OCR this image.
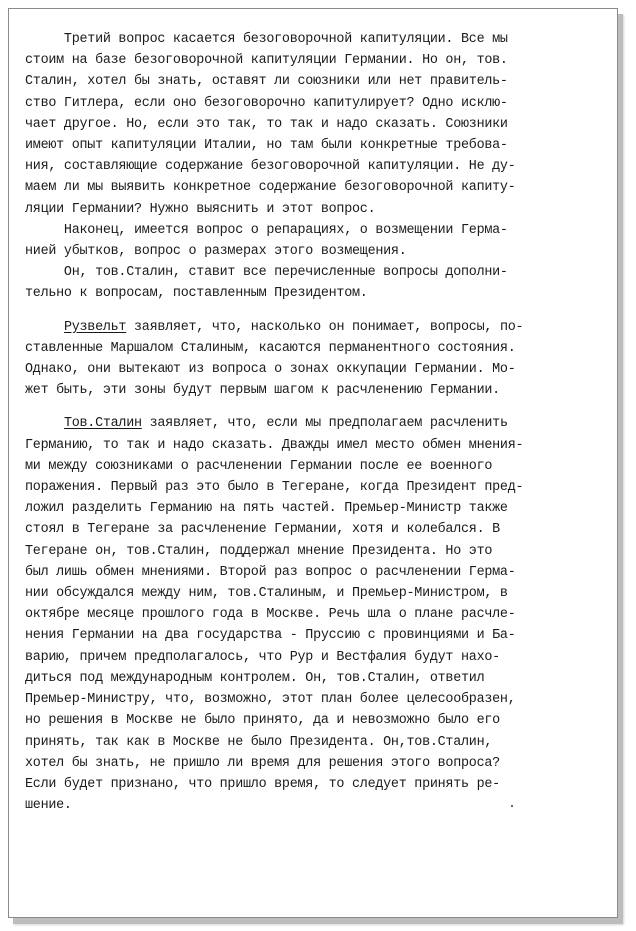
Третий вопрос касается безоговорочной капитуляции. Все мы
стоим на базе безоговорочной капитуляции Германии. Но он, тов.
Сталин, хотел бы знать, оставят ли союзники или нет правитель-
ство Гитлера, если оно безоговорочно капитулирует? Одно исклю-
чает другое. Но, если это так, то так и надо сказать. Союзники
имеют опыт капитуляции Италии, но там были конкретные требова-
ния, составляющие содержание безоговорочной капитуляции. Не ду-
маем ли мы выявить конкретное содержание безоговорочной капиту-
ляции Германии? Нужно выяснить и этот вопрос.
Наконец, имеется вопрос о репарациях, о возмещении Герма-
нией убытков, вопрос о размерах этого возмещения.
Он, тов.Сталин, ставит все перечисленные вопросы дополни-
тельно к вопросам, поставленным Президентом.
Рузвельт заявляет, что, насколько он понимает, вопросы, по-
ставленные Маршалом Сталиным, касаются перманентного состояния.
Однако, они вытекают из вопроса о зонах оккупации Германии. Мо-
жет быть, эти зоны будут первым шагом к расчленению Германии.
Тов.Сталин заявляет, что, если мы предполагаем расчленить
Германию, то так и надо сказать. Дважды имел место обмен мнения-
ми между союзниками о расчленении Германии после ее военного
поражения. Первый раз это было в Тегеране, когда Президент пред-
ложил разделить Германию на пять частей. Премьер-Министр также
стоял в Тегеране за расчленение Германии, хотя и колебался. В
Тегеране он, тов.Сталин, поддержал мнение Президента. Но это
был лишь обмен мнениями. Второй раз вопрос о расчленении Герма-
нии обсуждался между ним, тов.Сталиным, и Премьер-Министром, в
октябре месяце прошлого года в Москве. Речь шла о плане расчле-
нения Германии на два государства - Пруссию с провинциями и Ба-
варию, причем предполагалось, что Рур и Вестфалия будут нахо-
диться под международным контролем. Он, тов.Сталин, ответил
Премьер-Министру, что, возможно, этот план более целесообразен,
но решения в Москве не было принято, да и невозможно было его
принять, так как в Москве не было Президента. Он,тов.Сталин,
хотел бы знать, не пришло ли время для решения этого вопроса?
Если будет признано, что пришло время, то следует принять ре-
шение.
